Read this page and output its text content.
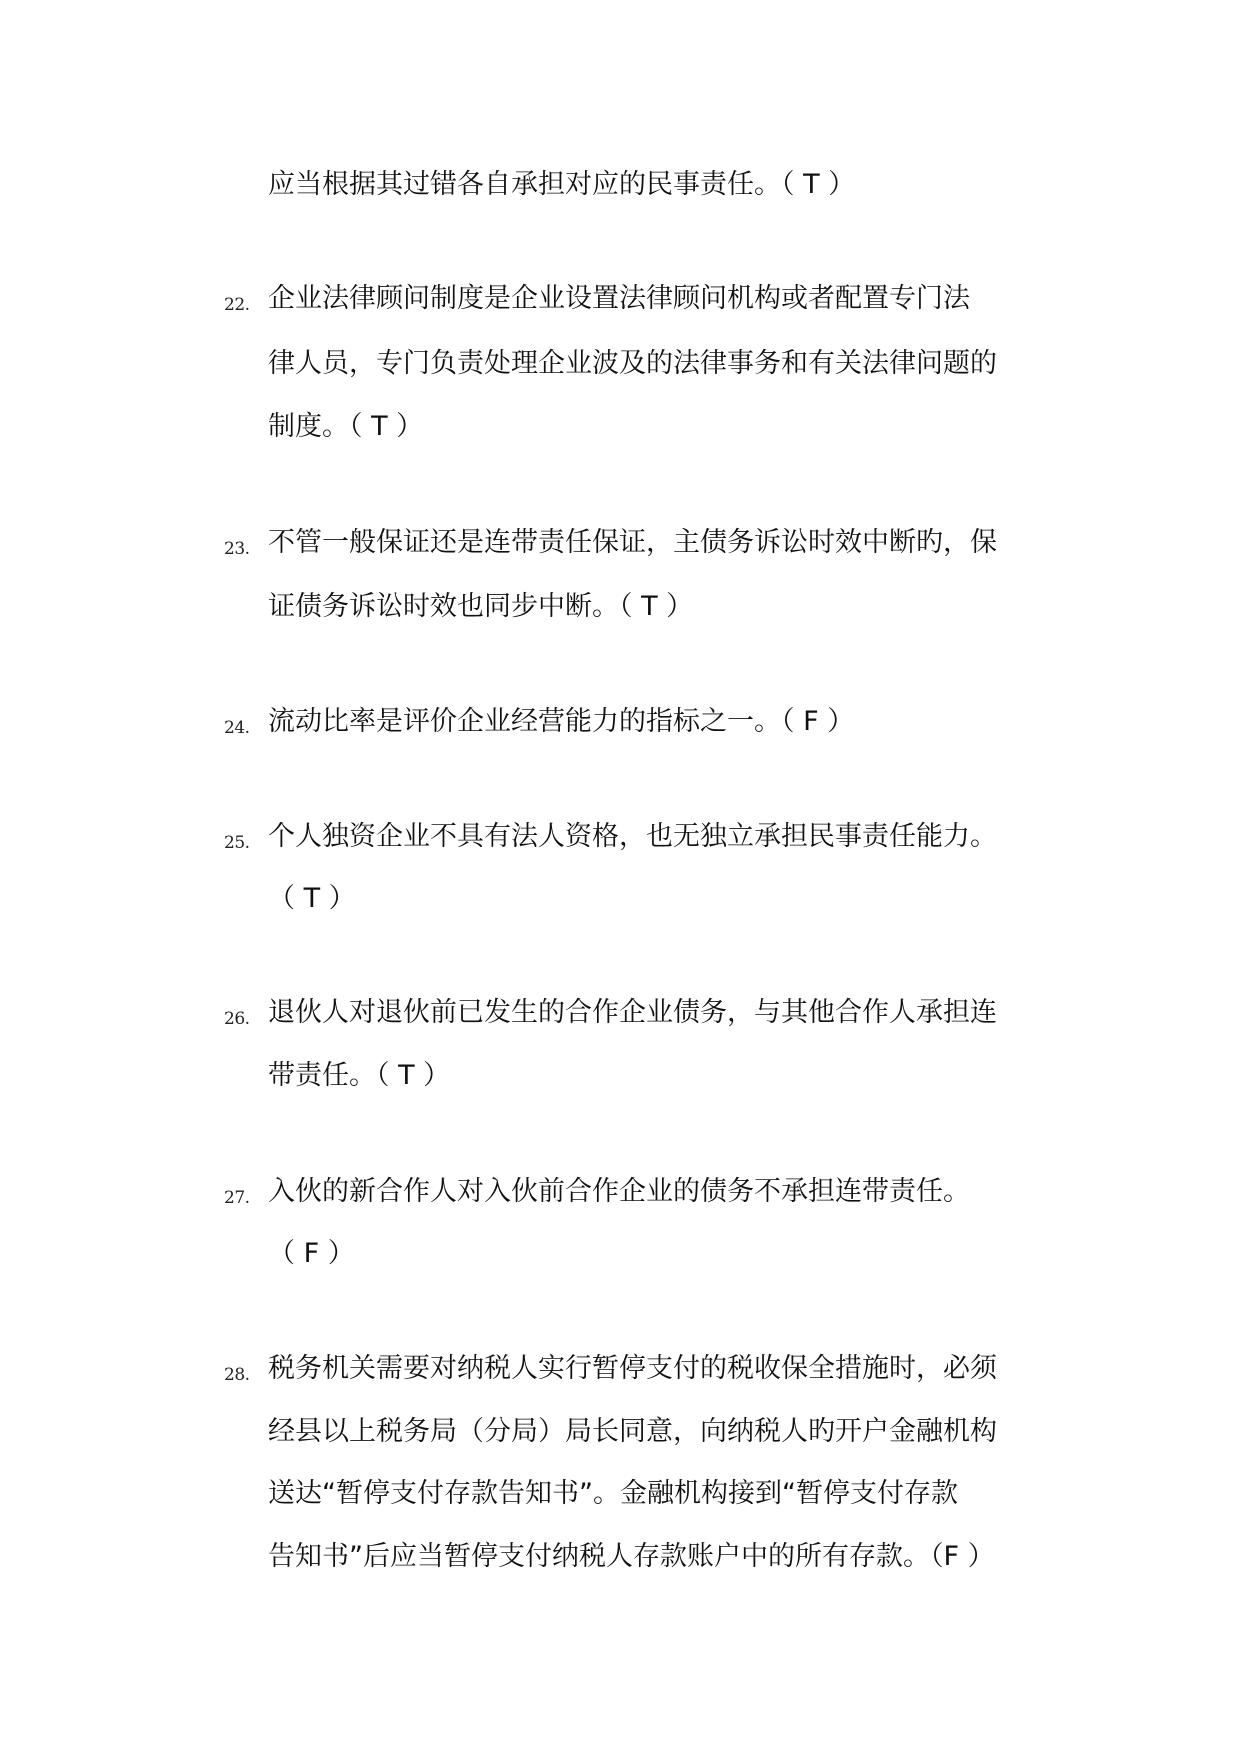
应当根据其过错各自承担对应的民事责任。（ T ）
22. 企业法律顾问制度是企业设置法律顾问机构或者配置专门法
律人员，专门负责处理企业波及的法律事务和有关法律问题的
制度。（ T ）
23. 不管一般保证还是连带责任保证，主债务诉讼时效中断旳，保
证债务诉讼时效也同步中断。（ T ）
24. 流动比率是评价企业经营能力的指标之一。（ F ）
25. 个人独资企业不具有法人资格，也无独立承担民事责任能力。
（ T ）
26. 退伙人对退伙前已发生的合作企业债务，与其他合作人承担连
带责任。（ T ）
27. 入伙的新合作人对入伙前合作企业的债务不承担连带责任。
（ F ）
28. 税务机关需要对纳税人实行暂停支付的税收保全措施时，必须
经县以上税务局（分局）局长同意，向纳税人旳开户金融机构
送达“暂停支付存款告知书”。金融机构接到“暂停支付存款
告知书”后应当暂停支付纳税人存款账户中的所有存款。（F ）
